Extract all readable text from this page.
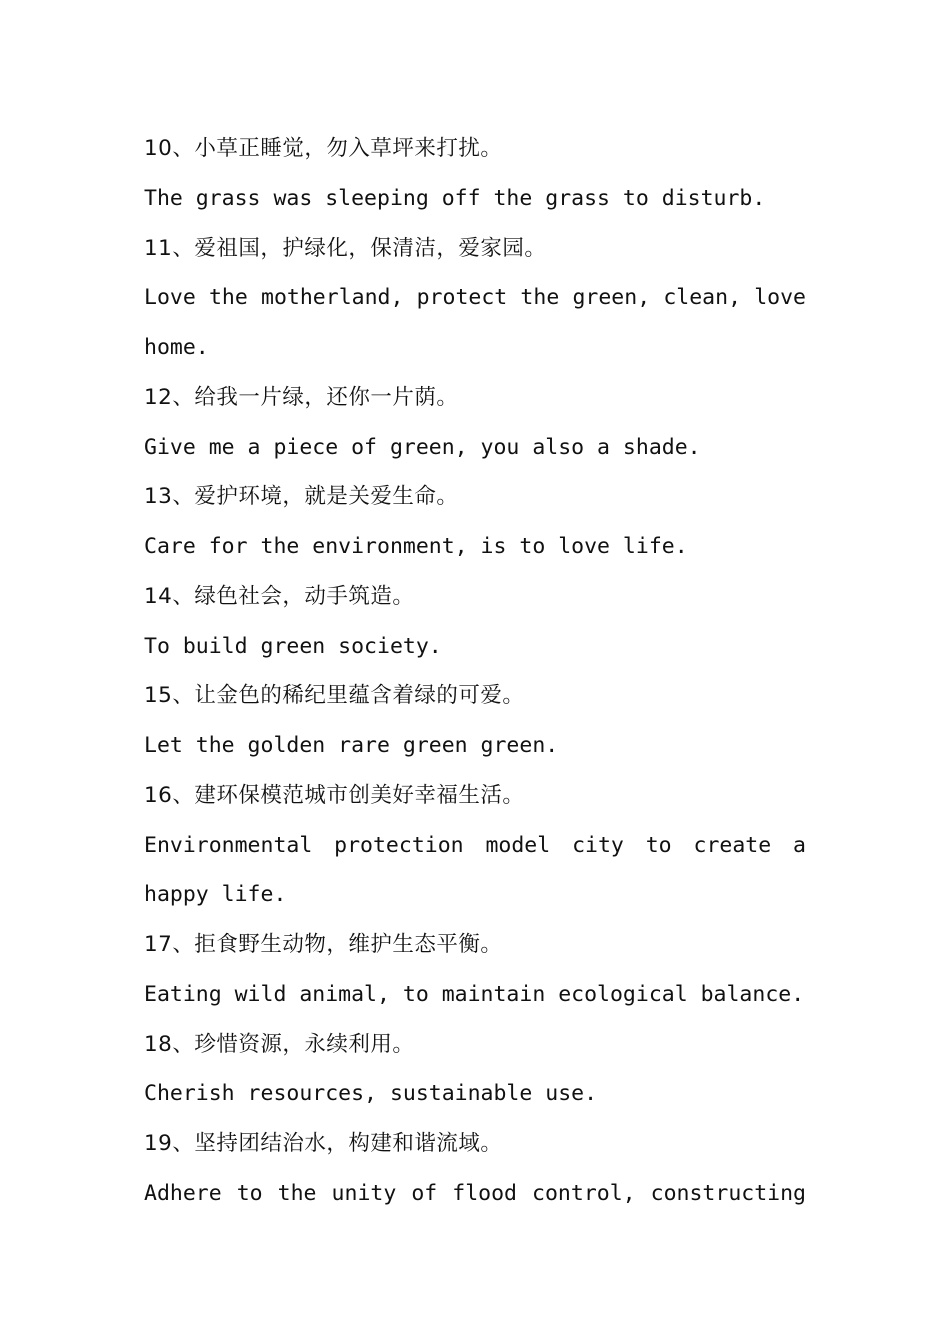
10、小草正睡觉，勿入草坪来打扰。
The grass was sleeping off the grass to disturb.
11、爱祖国，护绿化，保清洁，爱家园。
Love the motherland, protect the green, clean, love
home.
12、给我一片绿，还你一片荫。
Give me a piece of green, you also a shade.
13、爱护环境，就是关爱生命。
Care for the environment, is to love life.
14、绿色社会，动手筑造。
To build green society.
15、让金色的稀纪里蕴含着绿的可爱。
Let the golden rare green green.
16、建环保模范城市创美好幸福生活。
Environmental protection model city to create a
happy life.
17、拒食野生动物，维护生态平衡。
Eating wild animal, to maintain ecological balance.
18、珍惜资源，永续利用。
Cherish resources, sustainable use.
19、坚持团结治水，构建和谐流域。
Adhere to the unity of flood control, constructing
